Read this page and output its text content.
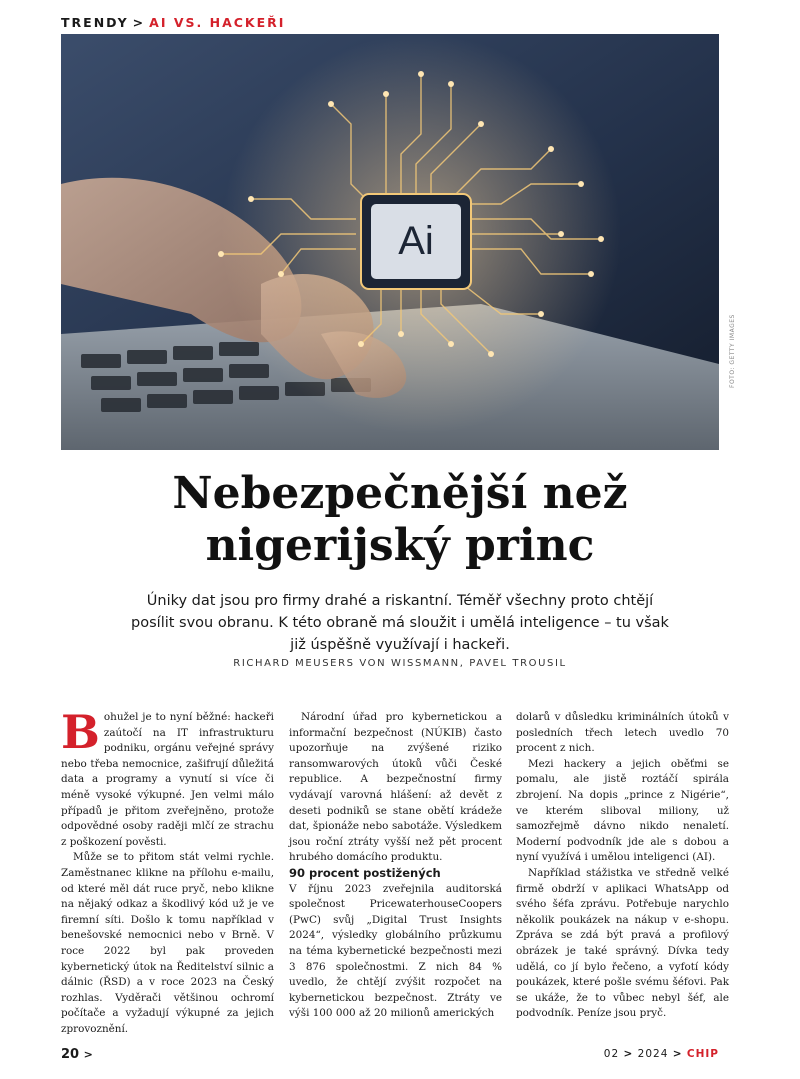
TRENDY > AI VS. HACKEŘI
Ai
FOTO: GETTY IMAGES
Nebezpečnější než
nigerijský princ
Úniky dat jsou pro firmy drahé a riskantní. Téměř všechny proto chtějí posílit svou obranu. K této obraně má sloužit i umělá inteligence – tu však již úspěšně využívají i hackeři.
RICHARD MEUSERS VON WISSMANN, PAVEL TROUSIL

Bohužel je to nyní běžné: hackeři zaútočí na IT infrastrukturu podniku, orgánu veřejné správy nebo třeba nemocnice, zašifrují důležitá data a programy a vynutí si více či méně vysoké výkupné. Jen velmi málo případů je přitom zveřejněno, protože odpovědné osoby raději mlčí ze strachu z poškození pověsti.

Může se to přitom stát velmi rychle. Zaměstnanec klikne na přílohu e-mailu, od které měl dát ruce pryč, nebo klikne na nějaký odkaz a škodlivý kód už je ve firemní síti. Došlo k tomu například v benešovské nemocnici nebo v Brně. V roce 2022 byl pak proveden kybernetický útok na Ředitelství silnic a dálnic (ŘSD) a v roce 2023 na Český rozhlas. Vyděrači většinou ochromí počítače a vyžadují výkupné za jejich zprovoznění.

Národní úřad pro kybernetickou a informační bezpečnost (NÚKIB) často upozorňuje na zvýšené riziko ransomwarových útoků vůči České republice. A bezpečnostní firmy vydávají varovná hlášení: až devět z deseti podniků se stane obětí krádeže dat, špionáže nebo sabotáže. Výsledkem jsou roční ztráty vyšší než pět procent hrubého domácího produktu.

90 procent postižených

V říjnu 2023 zveřejnila auditorská společnost PricewaterhouseCoopers (PwC) svůj „Digital Trust Insights 2024“, výsledky globálního průzkumu na téma kybernetické bezpečnosti mezi 3 876 společnostmi. Z nich 84 % uvedlo, že chtějí zvýšit rozpočet na kybernetickou bezpečnost. Ztráty ve výši 100 000 až 20 milionů amerických

dolarů v důsledku kriminálních útoků v posledních třech letech uvedlo 70 procent z nich.

Mezi hackery a jejich oběťmi se pomalu, ale jistě roztáčí spirála zbrojení. Na dopis „prince z Nigérie“, ve kterém sliboval miliony, už samozřejmě dávno nikdo nenaletí. Moderní podvodník jde ale s dobou a nyní využívá i umělou inteligenci (AI).

Například stážistka ve středně velké firmě obdrží v aplikaci WhatsApp od svého šéfa zprávu. Potřebuje narychlo několik poukázek na nákup v e-shopu. Zpráva se zdá být pravá a profilový obrázek je také správný. Dívka tedy udělá, co jí bylo řečeno, a vyfotí kódy poukázek, které pošle svému šéfovi. Pak se ukáže, že to vůbec nebyl šéf, ale podvodník. Peníze jsou pryč.

20 >	02 > 2024 > CHIP
